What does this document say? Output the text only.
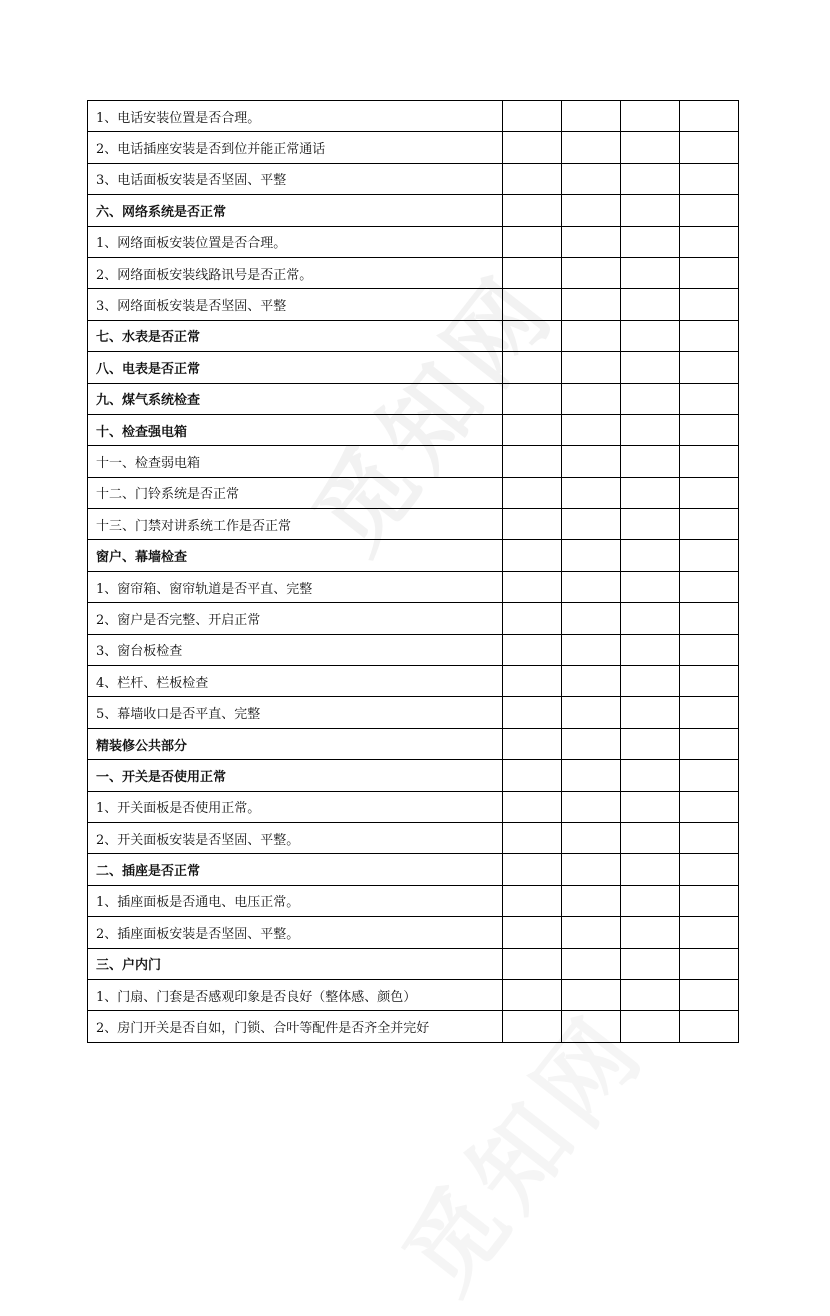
觅知网
1、电话安装位置是否合理。				
2、电话插座安装是否到位并能正常通话				
3、电话面板安装是否坚固、平整				
六、网络系统是否正常				
1、网络面板安装位置是否合理。				
2、网络面板安装线路讯号是否正常。				
3、网络面板安装是否坚固、平整				
七、水表是否正常				
八、电表是否正常				
九、煤气系统检查				
十、检查强电箱				
十一、检查弱电箱				
十二、门铃系统是否正常				
十三、门禁对讲系统工作是否正常				
窗户、幕墙检查				
1、窗帘箱、窗帘轨道是否平直、完整				
2、窗户是否完整、开启正常				
3、窗台板检查				
4、栏杆、栏板检查				
5、幕墙收口是否平直、完整				
精装修公共部分				
一、开关是否使用正常				
1、开关面板是否使用正常。				
2、开关面板安装是否坚固、平整。				
二、插座是否正常				
1、插座面板是否通电、电压正常。				
2、插座面板安装是否坚固、平整。				
三、户内门				
1、门扇、门套是否感观印象是否良好（整体感、颜色）				
2、房门开关是否自如，门锁、合叶等配件是否齐全并完好				
